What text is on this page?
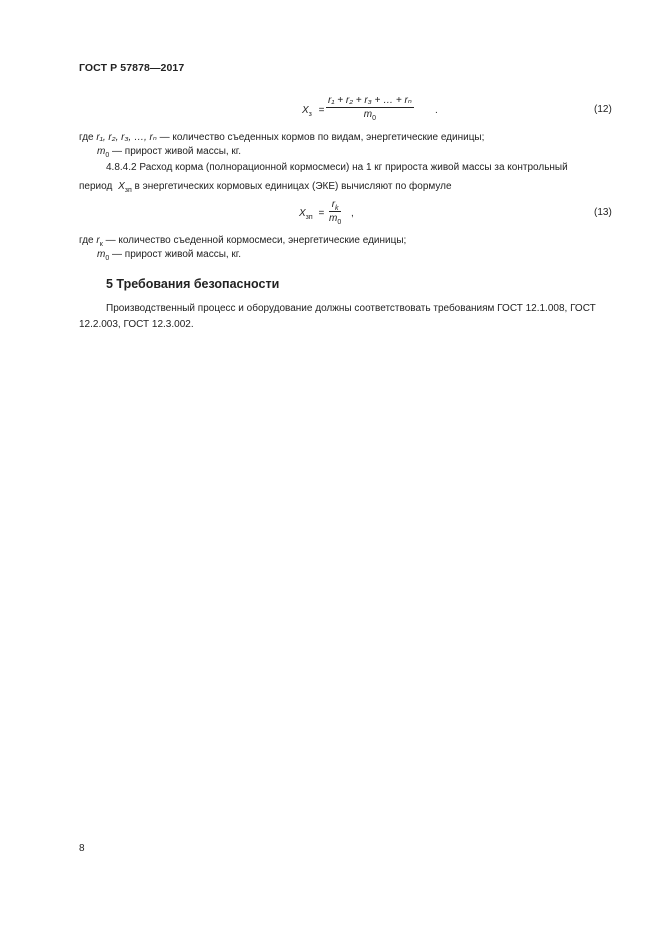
ГОСТ Р 57878—2017
$X_з = \frac{\text{r₁ + r₂ + r₃ + … + rₙ}}{m_0}$ .	(12)
где r₁, r₂, r₃, …, rₙ — количество съеденных кормов по видам, энергетические единицы;
$m_0$ — прирост живой массы, кг.
4.8.4.2 Расход корма (полнорационной кормосмеси) на 1 кг прироста живой массы за контрольный
период $X_{зп}$ в энергетических кормовых единицах (ЭКЕ) вычисляют по формуле
$X_{зп} = \frac{r_k}{m_0}$ ,	(13)
где $r_к$ — количество съеденной кормосмеси, энергетические единицы;
$m_0$ — прирост живой массы, кг.
5 Требования безопасности
Производственный процесс и оборудование должны соответствовать требованиям ГОСТ 12.1.008, ГОСТ 12.2.003, ГОСТ 12.3.002.
8
